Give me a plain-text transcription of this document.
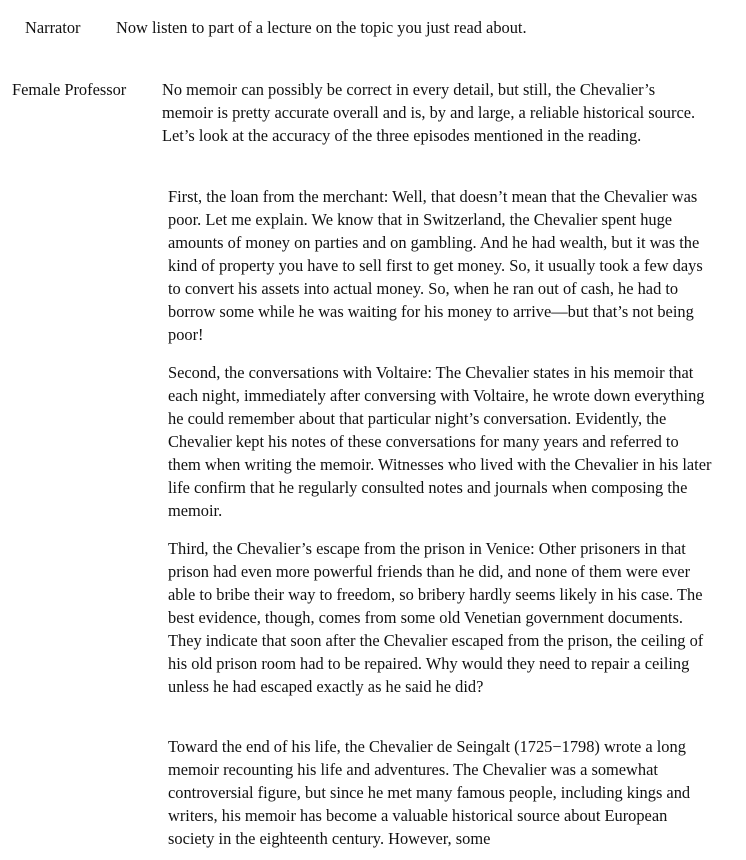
Narrator Now listen to part of a lecture on the topic you just read about.
Female Professor No memoir can possibly be correct in every detail, but still, the Chevalier’s memoir is pretty accurate overall and is, by and large, a reliable historical source. Let’s look at the accuracy of the three episodes mentioned in the reading.

First, the loan from the merchant: Well, that doesn’t mean that the Chevalier was poor. Let me explain. We know that in Switzerland, the Chevalier spent huge amounts of money on parties and on gambling. And he had wealth, but it was the kind of property you have to sell first to get money. So, it usually took a few days to convert his assets into actual money. So, when he ran out of cash, he had to borrow some while he was waiting for his money to arrive—but that’s not being poor!

Second, the conversations with Voltaire: The Chevalier states in his memoir that each night, immediately after conversing with Voltaire, he wrote down everything he could remember about that particular night’s conversation. Evidently, the Chevalier kept his notes of these conversations for many years and referred to them when writing the memoir. Witnesses who lived with the Chevalier in his later life confirm that he regularly consulted notes and journals when composing the memoir.

Third, the Chevalier’s escape from the prison in Venice: Other prisoners in that prison had even more powerful friends than he did, and none of them were ever able to bribe their way to freedom, so bribery hardly seems likely in his case. The best evidence, though, comes from some old Venetian government documents. They indicate that soon after the Chevalier escaped from the prison, the ceiling of his old prison room had to be repaired. Why would they need to repair a ceiling unless he had escaped exactly as he said he did?

Toward the end of his life, the Chevalier de Seingalt (1725−1798) wrote a long memoir recounting his life and adventures. The Chevalier was a somewhat controversial figure, but since he met many famous people, including kings and writers, his memoir has become a valuable historical source about European society in the eighteenth century. However, some
